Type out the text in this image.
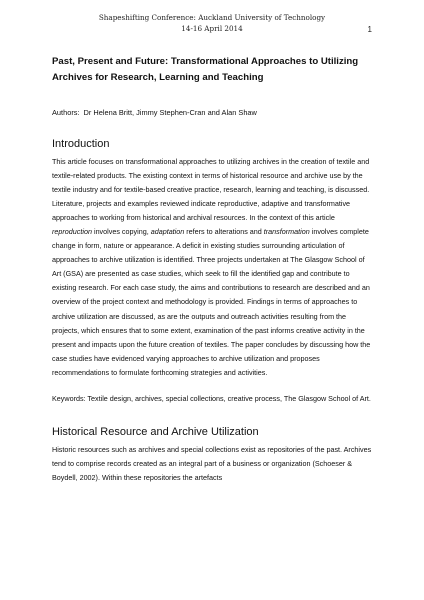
Shapeshifting Conference: Auckland University of Technology
14-16 April 2014	1
Past, Present and Future: Transformational Approaches to Utilizing Archives for Research, Learning and Teaching

Authors: Dr Helena Britt, Jimmy Stephen-Cran and Alan Shaw

Introduction

This article focuses on transformational approaches to utilizing archives in the creation of textile and textile-related products. The existing context in terms of historical resource and archive use by the textile industry and for textile-based creative practice, research, learning and teaching, is discussed. Literature, projects and examples reviewed indicate reproductive, adaptive and transformative approaches to working from historical and archival resources. In the context of this article reproduction involves copying, adaptation refers to alterations and transformation involves complete change in form, nature or appearance. A deficit in existing studies surrounding articulation of approaches to archive utilization is identified. Three projects undertaken at The Glasgow School of Art (GSA) are presented as case studies, which seek to fill the identified gap and contribute to existing research. For each case study, the aims and contributions to research are described and an overview of the project context and methodology is provided. Findings in terms of approaches to archive utilization are discussed, as are the outputs and outreach activities resulting from the projects, which ensures that to some extent, examination of the past informs creative activity in the present and impacts upon the future creation of textiles. The paper concludes by discussing how the case studies have evidenced varying approaches to archive utilization and proposes recommendations to formulate forthcoming strategies and activities.

Keywords: Textile design, archives, special collections, creative process, The Glasgow School of Art.

Historical Resource and Archive Utilization

Historic resources such as archives and special collections exist as repositories of the past. Archives tend to comprise records created as an integral part of a business or organization (Schoeser & Boydell, 2002). Within these repositories the artefacts
